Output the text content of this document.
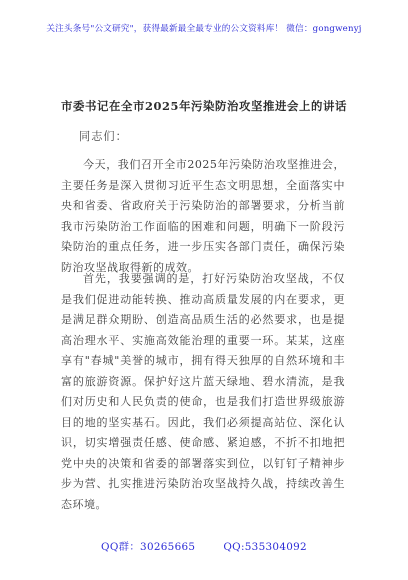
关注头条号"公文研究"，获得最新最全最专业的公文资料库！ 微信：gongwenyj
市委书记在全市2025年污染防治攻坚推进会上的讲话
同志们：

今天，我们召开全市2025年污染防治攻坚推进会，主要任务是深入贯彻习近平生态文明思想，全面落实中央和省委、省政府关于污染防治的部署要求，分析当前我市污染防治工作面临的困难和问题，明确下一阶段污染防治的重点任务，进一步压实各部门责任，确保污染防治攻坚战取得新的成效。

首先，我要强调的是，打好污染防治攻坚战，不仅是我们促进动能转换、推动高质量发展的内在要求，更是满足群众期盼、创造高品质生活的必然要求，也是提高治理水平、实施高效能治理的重要一环。某某，这座享有"春城"美誉的城市，拥有得天独厚的自然环境和丰富的旅游资源。保护好这片蓝天绿地、碧水清流，是我们对历史和人民负责的使命，也是我们打造世界级旅游目的地的坚实基石。因此，我们必须提高站位、深化认识，切实增强责任感、使命感、紧迫感，不折不扣地把党中央的决策和省委的部署落实到位，以钉钉子精神步步为营、扎实推进污染防治攻坚战持久战，持续改善生态环境。

QQ群：30265665	QQ:535304092
